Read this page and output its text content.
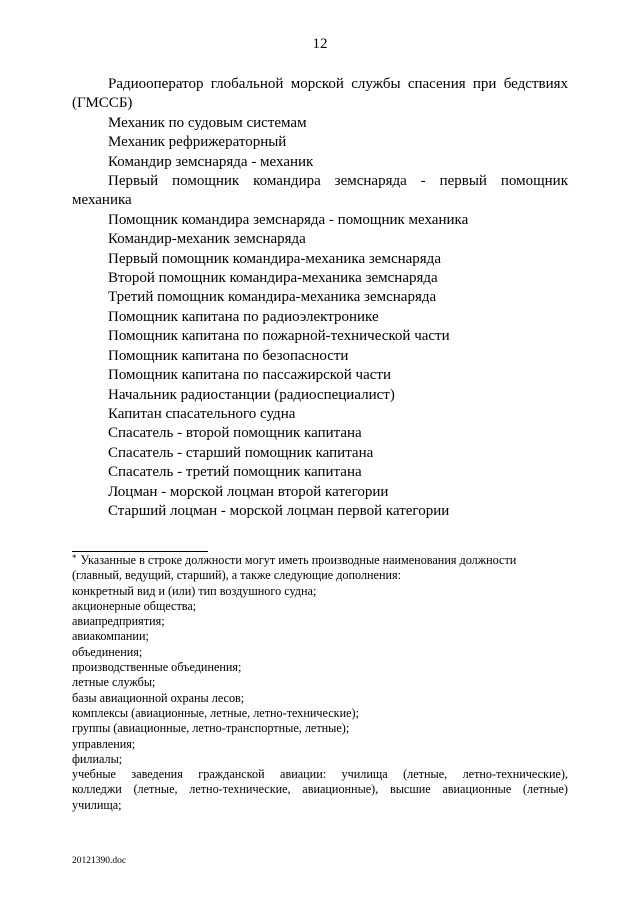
12
Радиооператор глобальной морской службы спасения при бедствиях
(ГМССБ)
Механик по судовым системам
Механик рефрижераторный
Командир земснаряда - механик
Первый помощник командира земснаряда - первый помощник
механика
Помощник командира земснаряда - помощник механика
Командир-механик земснаряда
Первый помощник командира-механика земснаряда
Второй помощник командира-механика земснаряда
Третий помощник командира-механика земснаряда
Помощник капитана по радиоэлектронике
Помощник капитана по пожарной-технической части
Помощник капитана по безопасности
Помощник капитана по пассажирской части
Начальник радиостанции (радиоспециалист)
Капитан спасательного судна
Спасатель - второй помощник капитана
Спасатель - старший помощник капитана
Спасатель - третий помощник капитана
Лоцман - морской лоцман второй категории
Старший лоцман - морской лоцман первой категории
* Указанные в строке должности могут иметь производные наименования должности
(главный, ведущий, старший), а также следующие дополнения:
конкретный вид и (или) тип воздушного судна;
акционерные общества;
авиапредприятия;
авиакомпании;
объединения;
производственные объединения;
летные службы;
базы авиационной охраны лесов;
комплексы (авиационные, летные, летно-технические);
группы (авиационные, летно-транспортные, летные);
управления;
филиалы;
учебные заведения гражданской авиации: училища (летные, летно-технические),
колледжи (летные, летно-технические, авиационные), высшие авиационные (летные)
училища;
20121390.doc
